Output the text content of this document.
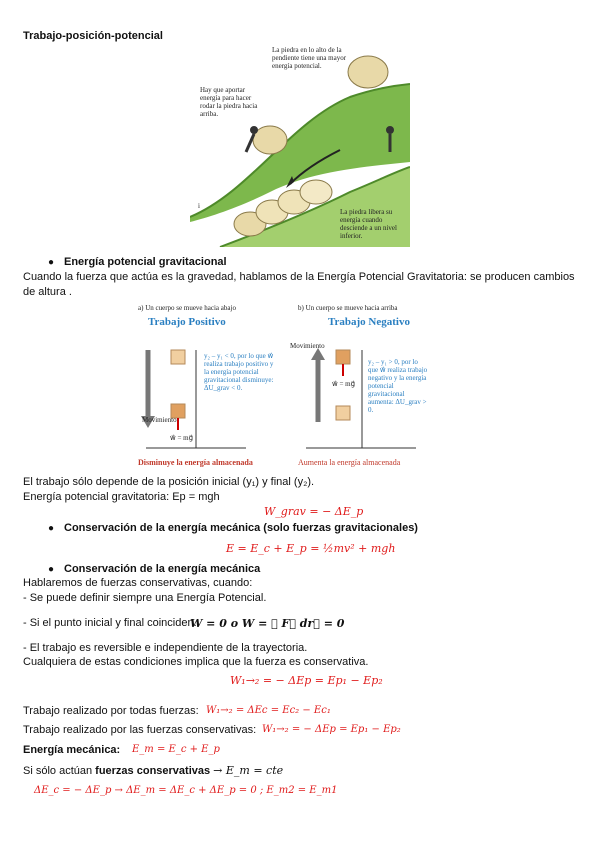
Trabajo-posición-potencial
La piedra en lo alto de la pendiente tiene una mayor energía potencial.
Hay que aportar energía para hacer rodar la piedra hacia arriba.
La piedra libera su energía cuando desciende a un nivel inferior.
i
● Energía potencial gravitacional
Cuando la fuerza que actúa es la gravedad, hablamos de la Energía Potencial Gravitatoria: se producen cambios de altura .
a) Un cuerpo se mueve hacia abajo
Trabajo Positivo
b) Un cuerpo se mueve hacia arriba
Trabajo Negativo
y₂ – y₁ < 0, por lo que w⃗ realiza trabajo positivo y la energía potencial gravitacional disminuye: ΔU_grav < 0.
Movimiento
w⃗ = mg⃗
y₂ – y₁ > 0, por lo que w⃗ realiza trabajo negativo y la energía potencial gravitacional aumenta: ΔU_grav > 0.
Movimiento
w⃗ = mg⃗
Disminuye la energía almacenada	Aumenta la energía almacenada
El trabajo sólo depende de la posición inicial (y₁) y final (y₂).
Energía potencial gravitatoria: Ep = mgh
W_grav = − ΔE_p
● Conservación de la energía mecánica (solo fuerzas gravitacionales)
E = E_c + E_p = ½mv² + mgh
● Conservación de la energía mecánica
Hablaremos de fuerzas conservativas, cuando:
- Se puede definir siempre una Energía Potencial.
- Si el punto inicial y final coinciden.
W = 0 o W = ∮ F⃗ dr⃗ = 0
- El trabajo es reversible e independiente de la trayectoria.
Cualquiera de estas condiciones implica que la fuerza es conservativa.
W₁→₂ = − ΔEp = Ep₁ − Ep₂
Trabajo realizado por todas fuerzas: W₁→₂ = ΔEc = Ec₂ − Ec₁
Trabajo realizado por las fuerzas conservativas: W₁→₂ = − ΔEp = Ep₁ − Ep₂
Energía mecánica: E_m = E_c + E_p
Si sólo actúan fuerzas conservativas → E_m = cte
ΔE_c = − ΔE_p → ΔE_m = ΔE_c + ΔE_p = 0 ; E_m2 = E_m1
